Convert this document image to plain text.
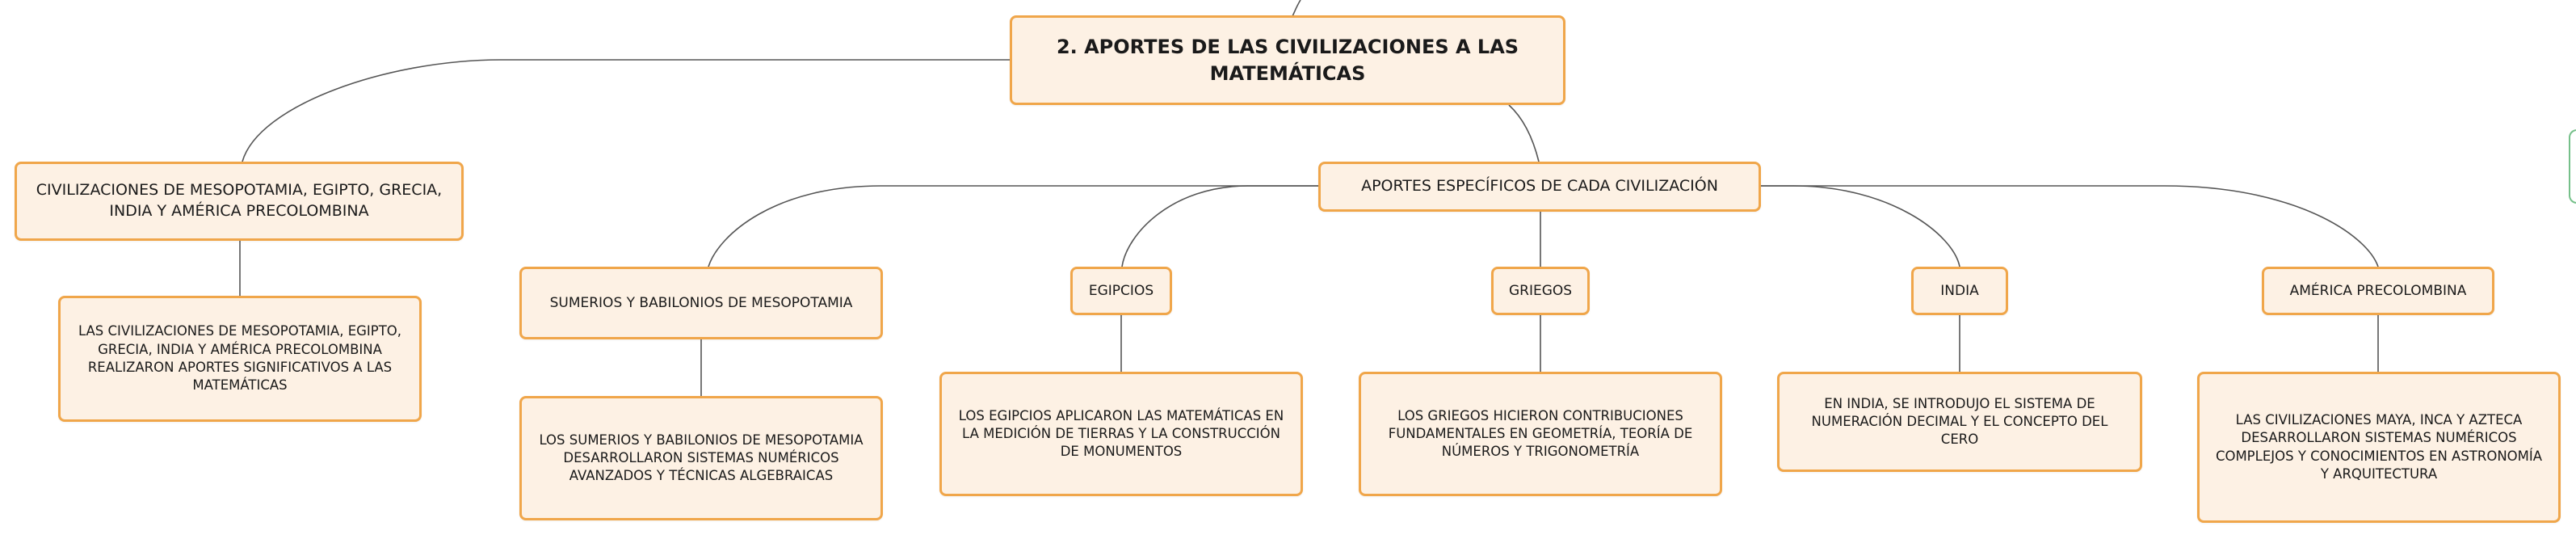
2. APORTES DE LAS CIVILIZACIONES A LAS MATEMÁTICAS
CIVILIZACIONES DE MESOPOTAMIA, EGIPTO, GRECIA, INDIA Y AMÉRICA PRECOLOMBINA
LAS CIVILIZACIONES DE MESOPOTAMIA, EGIPTO, GRECIA, INDIA Y AMÉRICA PRECOLOMBINA REALIZARON APORTES SIGNIFICATIVOS A LAS MATEMÁTICAS
APORTES ESPECÍFICOS DE CADA CIVILIZACIÓN
SUMERIOS Y BABILONIOS DE MESOPOTAMIA
EGIPCIOS	GRIEGOS	INDIA	AMÉRICA PRECOLOMBINA
LOS SUMERIOS Y BABILONIOS DE MESOPOTAMIA DESARROLLARON SISTEMAS NUMÉRICOS AVANZADOS Y TÉCNICAS ALGEBRAICAS
LOS EGIPCIOS APLICARON LAS MATEMÁTICAS EN LA MEDICIÓN DE TIERRAS Y LA CONSTRUCCIÓN DE MONUMENTOS
LOS GRIEGOS HICIERON CONTRIBUCIONES FUNDAMENTALES EN GEOMETRÍA, TEORÍA DE NÚMEROS Y TRIGONOMETRÍA
EN INDIA, SE INTRODUJO EL SISTEMA DE NUMERACIÓN DECIMAL Y EL CONCEPTO DEL CERO
LAS CIVILIZACIONES MAYA, INCA Y AZTECA DESARROLLARON SISTEMAS NUMÉRICOS COMPLEJOS Y CONOCIMIENTOS EN ASTRONOMÍA Y ARQUITECTURA
